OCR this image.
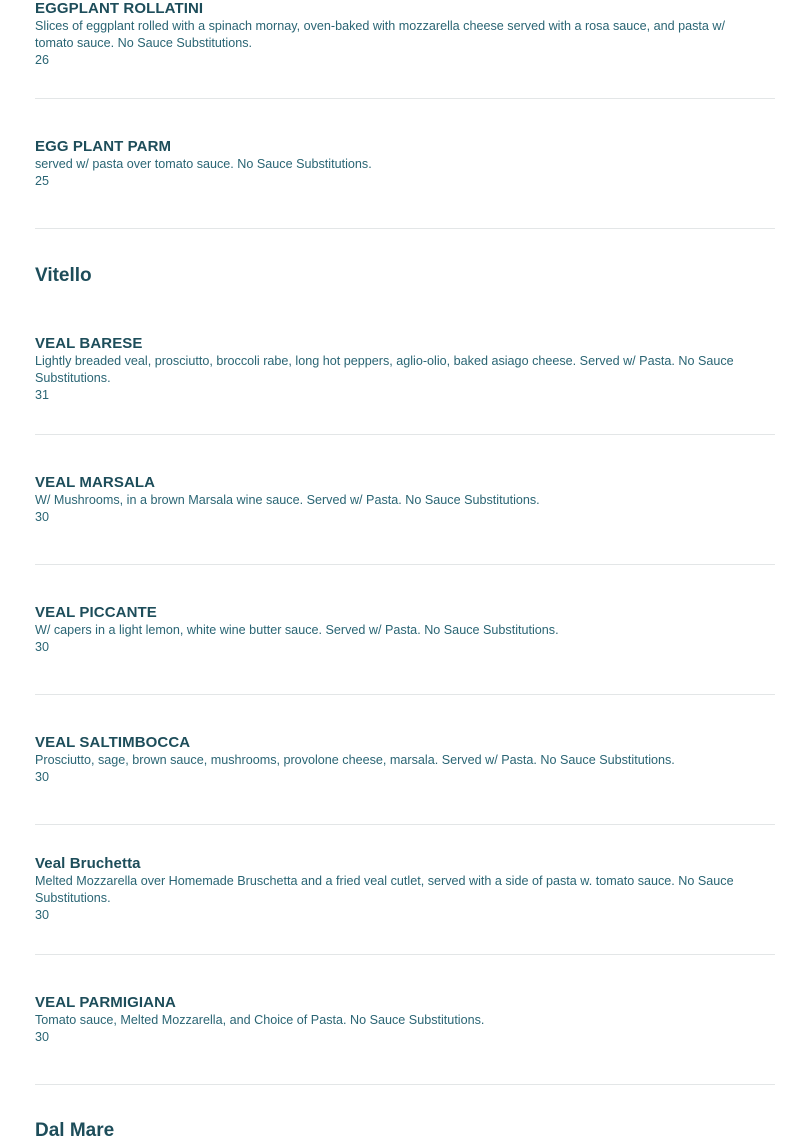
EGGPLANT ROLLATINI

Slices of eggplant rolled with a spinach mornay, oven-baked with mozzarella cheese served with a rosa sauce, and pasta w/ tomato sauce. No Sauce Substitutions.

26

EGG PLANT PARM

served w/ pasta over tomato sauce. No Sauce Substitutions.

25

Vitello

VEAL BARESE

Lightly breaded veal, prosciutto, broccoli rabe, long hot peppers, aglio-olio, baked asiago cheese. Served w/ Pasta. No Sauce Substitutions.

31

VEAL MARSALA

W/ Mushrooms, in a brown Marsala wine sauce. Served w/ Pasta. No Sauce Substitutions.

30

VEAL PICCANTE

W/ capers in a light lemon, white wine butter sauce. Served w/ Pasta. No Sauce Substitutions.

30

VEAL SALTIMBOCCA

Prosciutto, sage, brown sauce, mushrooms, provolone cheese, marsala. Served w/ Pasta. No Sauce Substitutions.

30

Veal Bruchetta

Melted Mozzarella over Homemade Bruschetta and a fried veal cutlet, served with a side of pasta w. tomato sauce. No Sauce Substitutions.

30

VEAL PARMIGIANA

Tomato sauce, Melted Mozzarella, and Choice of Pasta. No Sauce Substitutions.

30

Dal Mare
